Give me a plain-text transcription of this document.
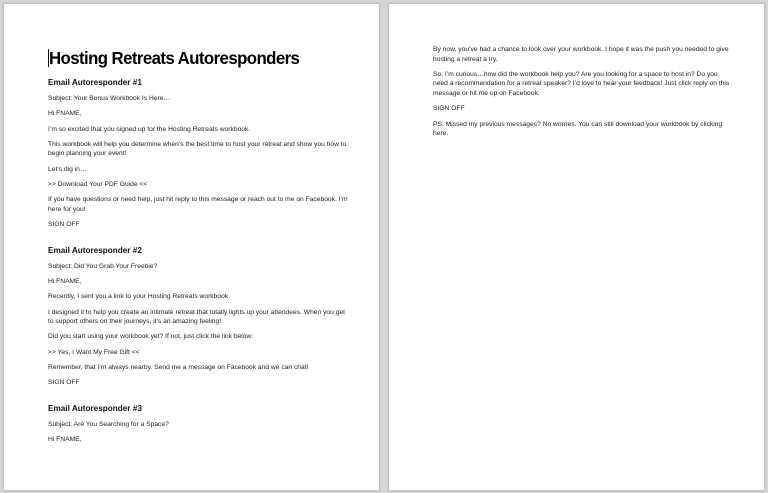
Hosting Retreats Autoresponders
Email Autoresponder #1

Subject: Your Bonus Workbook Is Here…

Hi FNAME,

I’m so excited that you signed up for the Hosting Retreats workbook.

This workbook will help you determine when’s the best time to host your retreat and show you how to begin planning your event!

Let’s dig in…

>> Download Your PDF Guide <<

If you have questions or need help, just hit reply to this message or reach out to me on Facebook. I’m here for you!

SIGN OFF

Email Autoresponder #2

Subject: Did You Grab Your Freebie?

Hi FNAME,

Recently, I sent you a link to your Hosting Retreats workbook.

I designed it to help you create an intimate retreat that totally lights up your attendees. When you get to support others on their journeys, it’s an amazing feeling!

Did you start using your workbook yet? If not, just click the link below:

>> Yes, I Want My Free Gift <<

Remember, that I’m always nearby. Send me a message on Facebook and we can chat!

SIGN OFF

Email Autoresponder #3

Subject: Are You Searching for a Space?

Hi FNAME,

By now, you’ve had a chance to look over your workbook. I hope it was the push you needed to give hosting a retreat a try.

So, I’m curious…how did the workbook help you? Are you looking for a space to host in? Do you need a recommendation for a retreat speaker? I’d love to hear your feedback! Just click reply on this message or hit me up on Facebook.

SIGN OFF

PS: Missed my previous messages? No worries. You can still download your workbook by clicking here.
